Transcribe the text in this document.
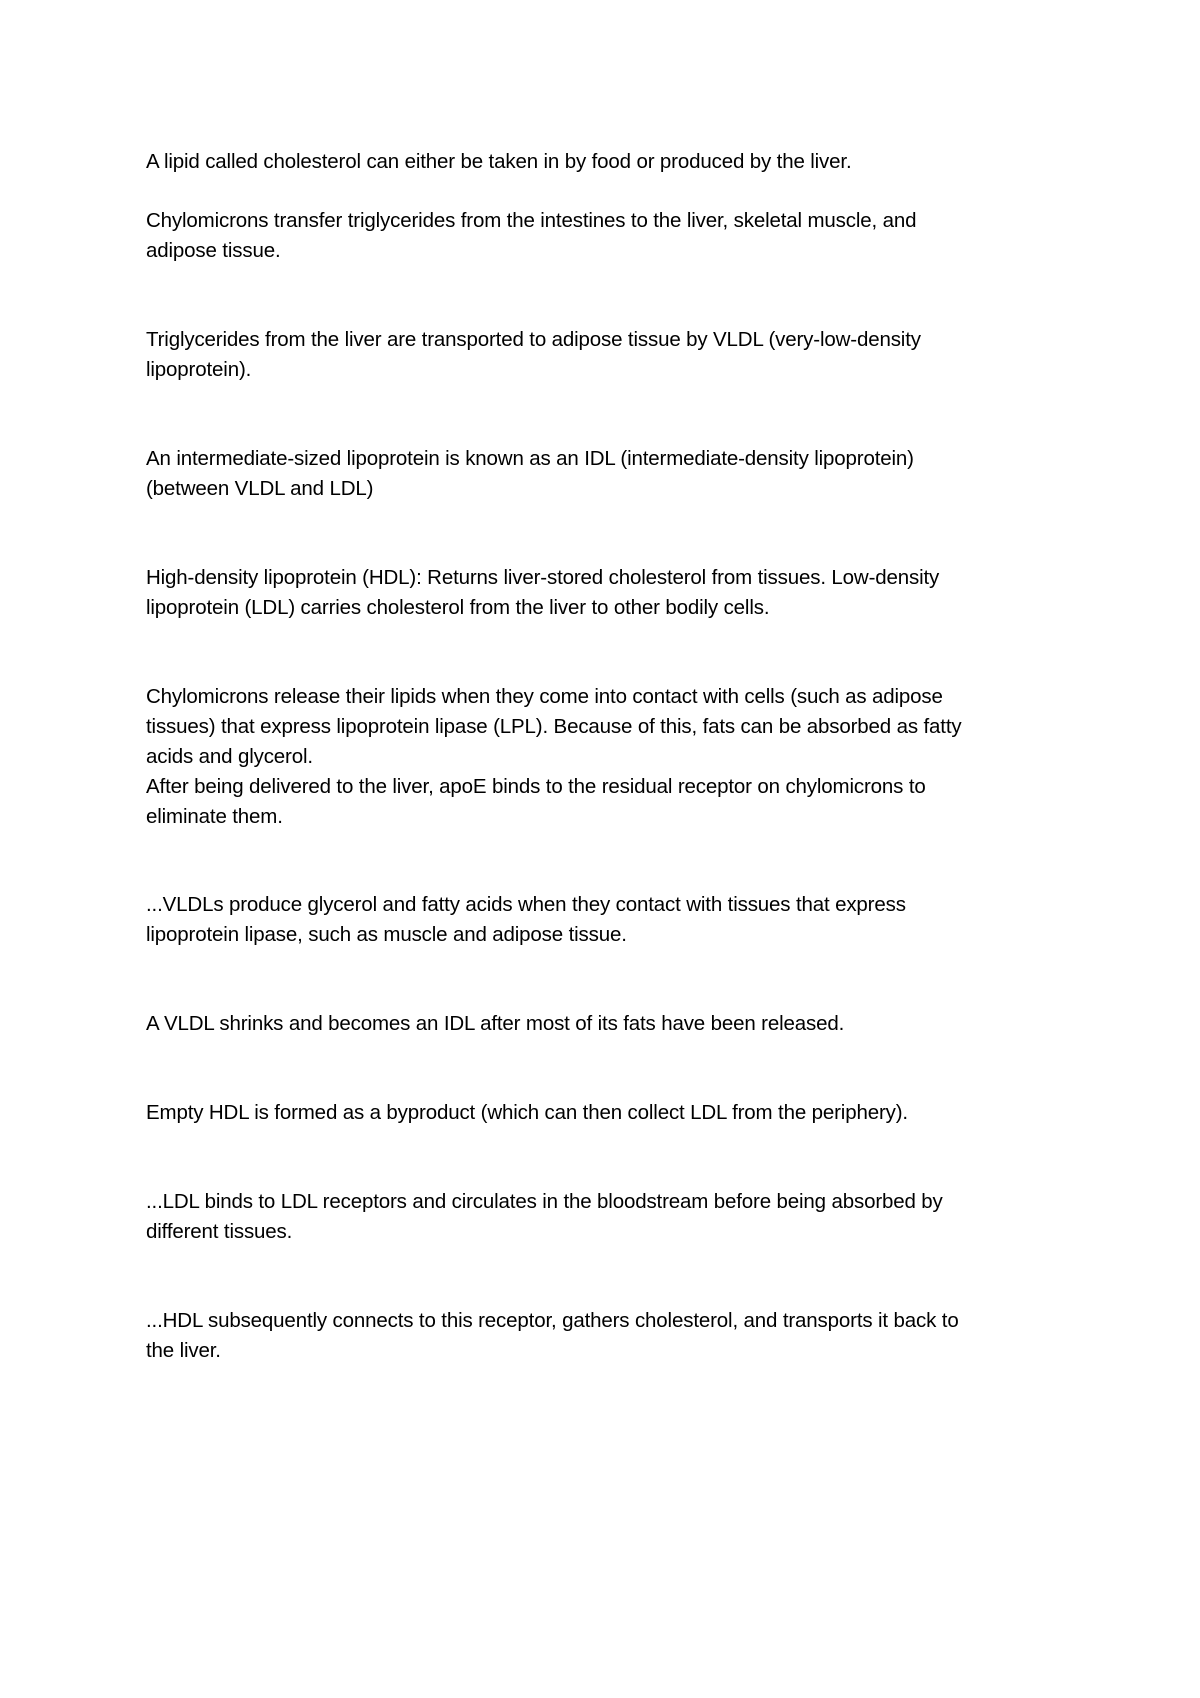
A lipid called cholesterol can either be taken in by food or produced by the liver.

Chylomicrons transfer triglycerides from the intestines to the liver, skeletal muscle, and
adipose tissue.

Triglycerides from the liver are transported to adipose tissue by VLDL (very-low-density
lipoprotein).

An intermediate-sized lipoprotein is known as an IDL (intermediate-density lipoprotein)
(between VLDL and LDL)

High-density lipoprotein (HDL): Returns liver-stored cholesterol from tissues. Low-density
lipoprotein (LDL) carries cholesterol from the liver to other bodily cells.

Chylomicrons release their lipids when they come into contact with cells (such as adipose
tissues) that express lipoprotein lipase (LPL). Because of this, fats can be absorbed as fatty
acids and glycerol.
After being delivered to the liver, apoE binds to the residual receptor on chylomicrons to
eliminate them.

...VLDLs produce glycerol and fatty acids when they contact with tissues that express
lipoprotein lipase, such as muscle and adipose tissue.

A VLDL shrinks and becomes an IDL after most of its fats have been released.

Empty HDL is formed as a byproduct (which can then collect LDL from the periphery).

...LDL binds to LDL receptors and circulates in the bloodstream before being absorbed by
different tissues.

...HDL subsequently connects to this receptor, gathers cholesterol, and transports it back to
the liver.
